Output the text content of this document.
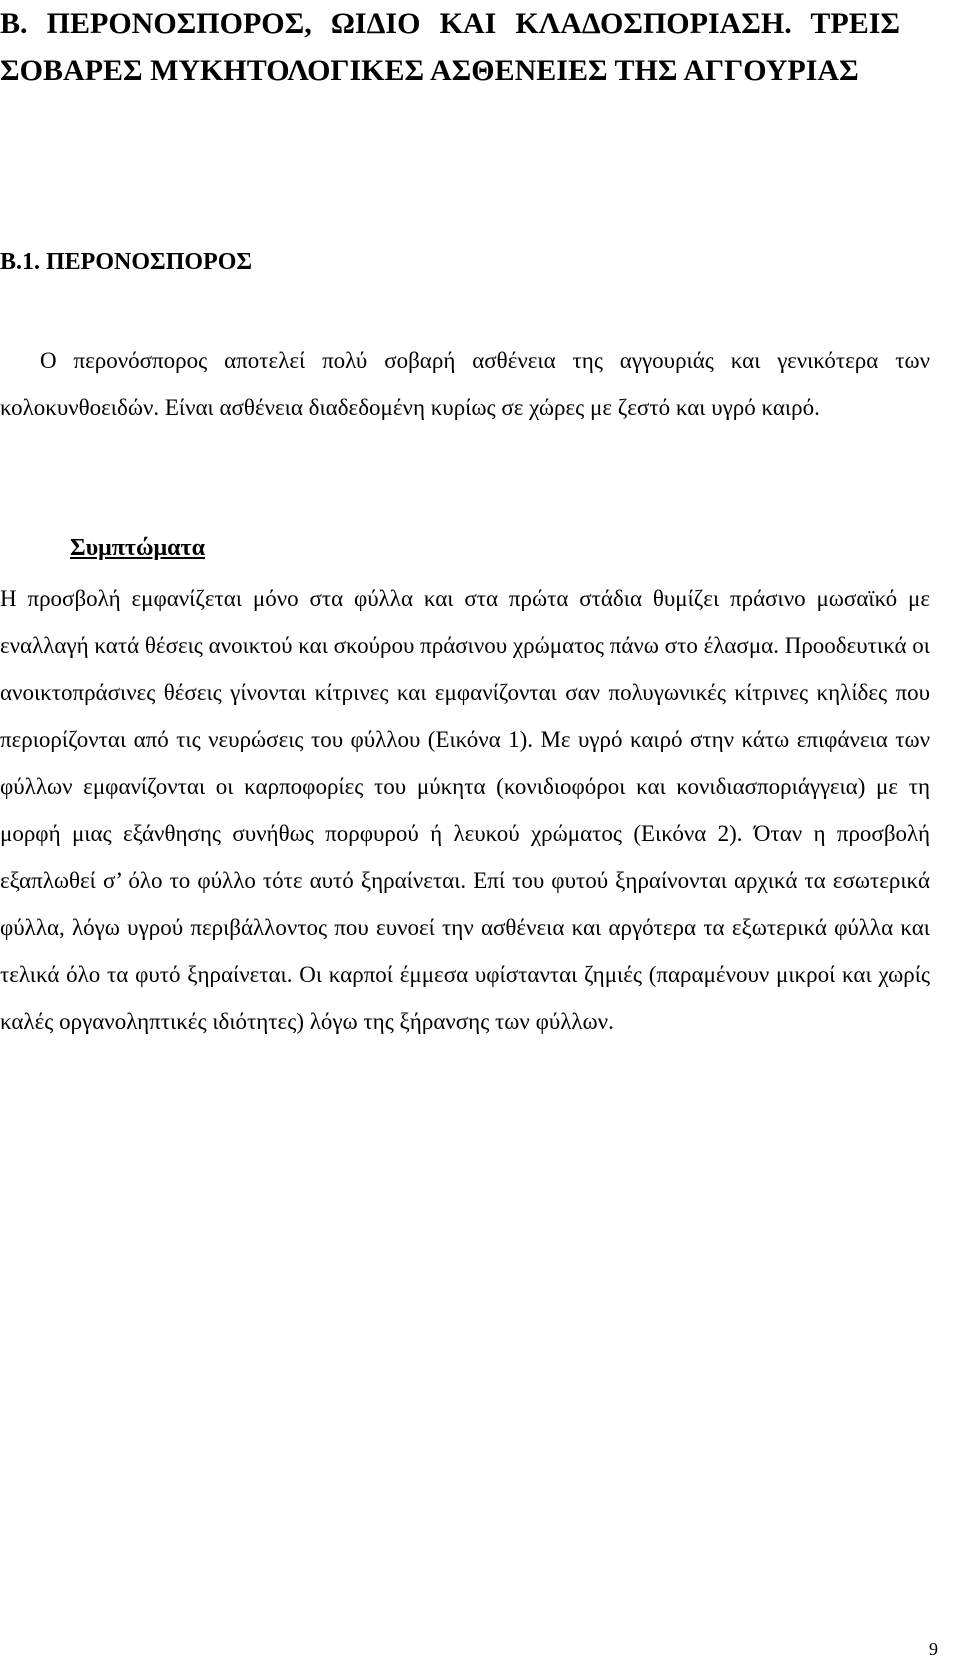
Β. ΠΕΡΟΝΟΣΠΟΡΟΣ, ΩΙΔΙΟ ΚΑΙ ΚΛΑΔΟΣΠΟΡΙΑΣΗ. ΤΡΕΙΣ ΣΟΒΑΡΕΣ ΜΥΚΗΤΟΛΟΓΙΚΕΣ ΑΣΘΕΝΕΙΕΣ ΤΗΣ ΑΓΓΟΥΡΙΑΣ
Β.1. ΠΕΡΟΝΟΣΠΟΡΟΣ

Ο περονόσπορος αποτελεί πολύ σοβαρή ασθένεια της αγγουριάς και γενικότερα των κολοκυνθοειδών. Είναι ασθένεια διαδεδομένη κυρίως σε χώρες με ζεστό και υγρό καιρό.

Συμπτώματα

Η προσβολή εμφανίζεται μόνο στα φύλλα και στα πρώτα στάδια θυμίζει πράσινο μωσαϊκό με εναλλαγή κατά θέσεις ανοικτού και σκούρου πράσινου χρώματος πάνω στο έλασμα. Προοδευτικά οι ανοικτοπράσινες θέσεις γίνονται κίτρινες και εμφανίζονται σαν πολυγωνικές κίτρινες κηλίδες που περιορίζονται από τις νευρώσεις του φύλλου (Εικόνα 1). Με υγρό καιρό στην κάτω επιφάνεια των φύλλων εμφανίζονται οι καρποφορίες του μύκητα (κονιδιοφόροι και κονιδιασποριάγγεια) με τη μορφή μιας εξάνθησης συνήθως πορφυρού ή λευκού χρώματος (Εικόνα 2). Όταν η προσβολή εξαπλωθεί σ’ όλο το φύλλο τότε αυτό ξηραίνεται. Επί του φυτού ξηραίνονται αρχικά τα εσωτερικά φύλλα, λόγω υγρού περιβάλλοντος που ευνοεί την ασθένεια και αργότερα τα εξωτερικά φύλλα και τελικά όλο τα φυτό ξηραίνεται. Οι καρποί έμμεσα υφίστανται ζημιές (παραμένουν μικροί και χωρίς καλές οργανοληπτικές ιδιότητες) λόγω της ξήρανσης των φύλλων.

9
